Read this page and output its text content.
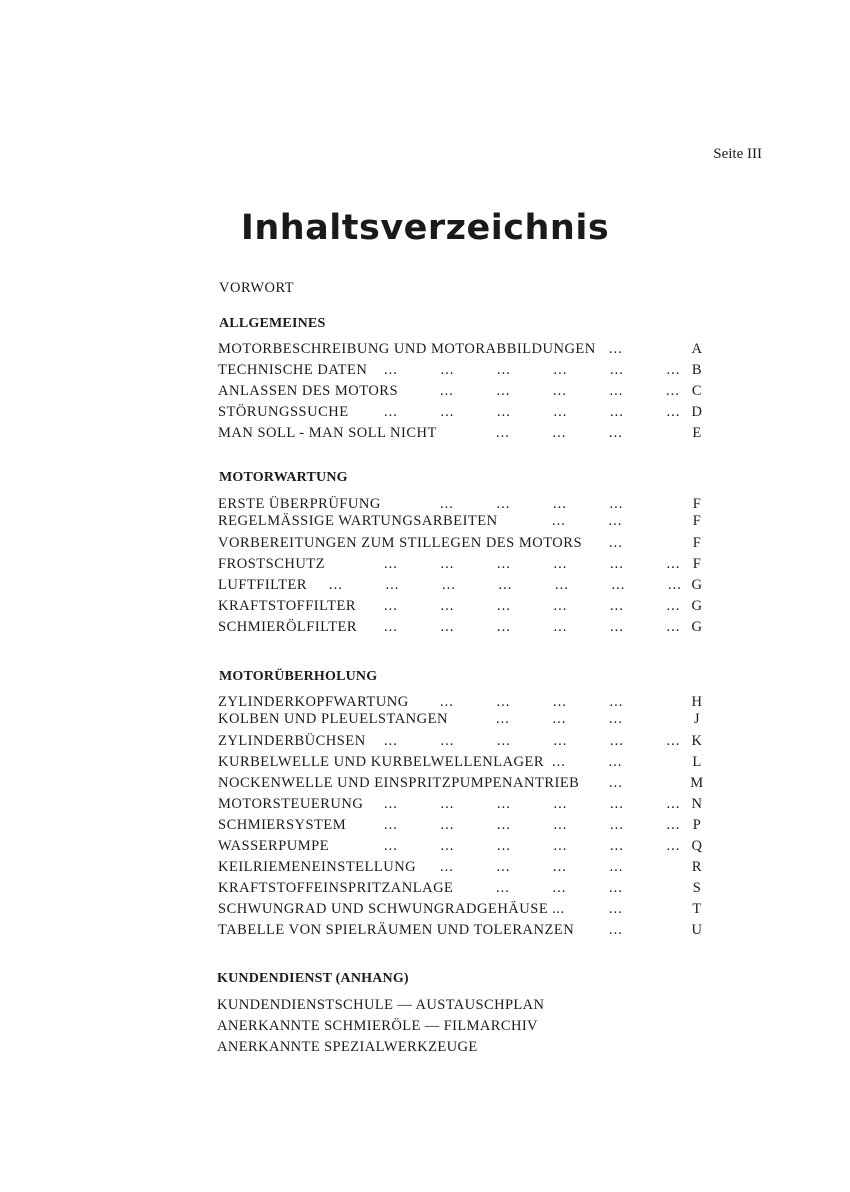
Seite III
Inhaltsverzeichnis
VORWORT
ALLGEMEINES
MOTORBESCHREIBUNG UND MOTORABBILDUNGEN ...	A
TECHNISCHE DATEN ... ... ... ... ... ... B
ANLASSEN DES MOTORS	... ... ... ... ... C
STÖRUNGSSUCHE ... ... ... ... ... ... D
MAN SOLL - MAN SOLL NICHT	... ... ...	E
MOTORWARTUNG
ERSTE ÜBERPRÜFUNG	... ... ... ...	F
REGELMÄSSIGE WARTUNGSARBEITEN	... ...	F
VORBEREITUNGEN ZUM STILLEGEN DES MOTORS ...	F
FROSTSCHUTZ	... ... ... ... ... ... F
LUFTFILTER ... ... ... ... ... ... ... G
KRAFTSTOFFILTER ... ... ... ... ... ... G
SCHMIERÖLFILTER ... ... ... ... ... ... G
MOTORÜBERHOLUNG
ZYLINDERKOPFWARTUNG ... ... ... ...	H
KOLBEN UND PLEUELSTANGEN	... ... ...	J
ZYLINDERBÜCHSEN ... ... ... ... ... ... K
KURBELWELLE UND KURBELWELLENLAGER ... ...	L
NOCKENWELLE UND EINSPRITZPUMPENANTRIEB ...	M
MOTORSTEUERUNG ... ... ... ... ... ... N
SCHMIERSYSTEM	... ... ... ... ... ... P
WASSERPUMPE	... ... ... ... ... ... Q
KEILRIEMENEINSTELLUNG ... ... ... ...	R
KRAFTSTOFFEINSPRITZANLAGE	... ... ...	S
SCHWUNGRAD UND SCHWUNGRADGEHÄUSE ...	...	T
TABELLE VON SPIELRÄUMEN UND TOLERANZEN ...	U
KUNDENDIENST (ANHANG)
KUNDENDIENSTSCHULE — AUSTAUSCHPLAN
ANERKANNTE SCHMIERÖLE — FILMARCHIV
ANERKANNTE SPEZIALWERKZEUGE
